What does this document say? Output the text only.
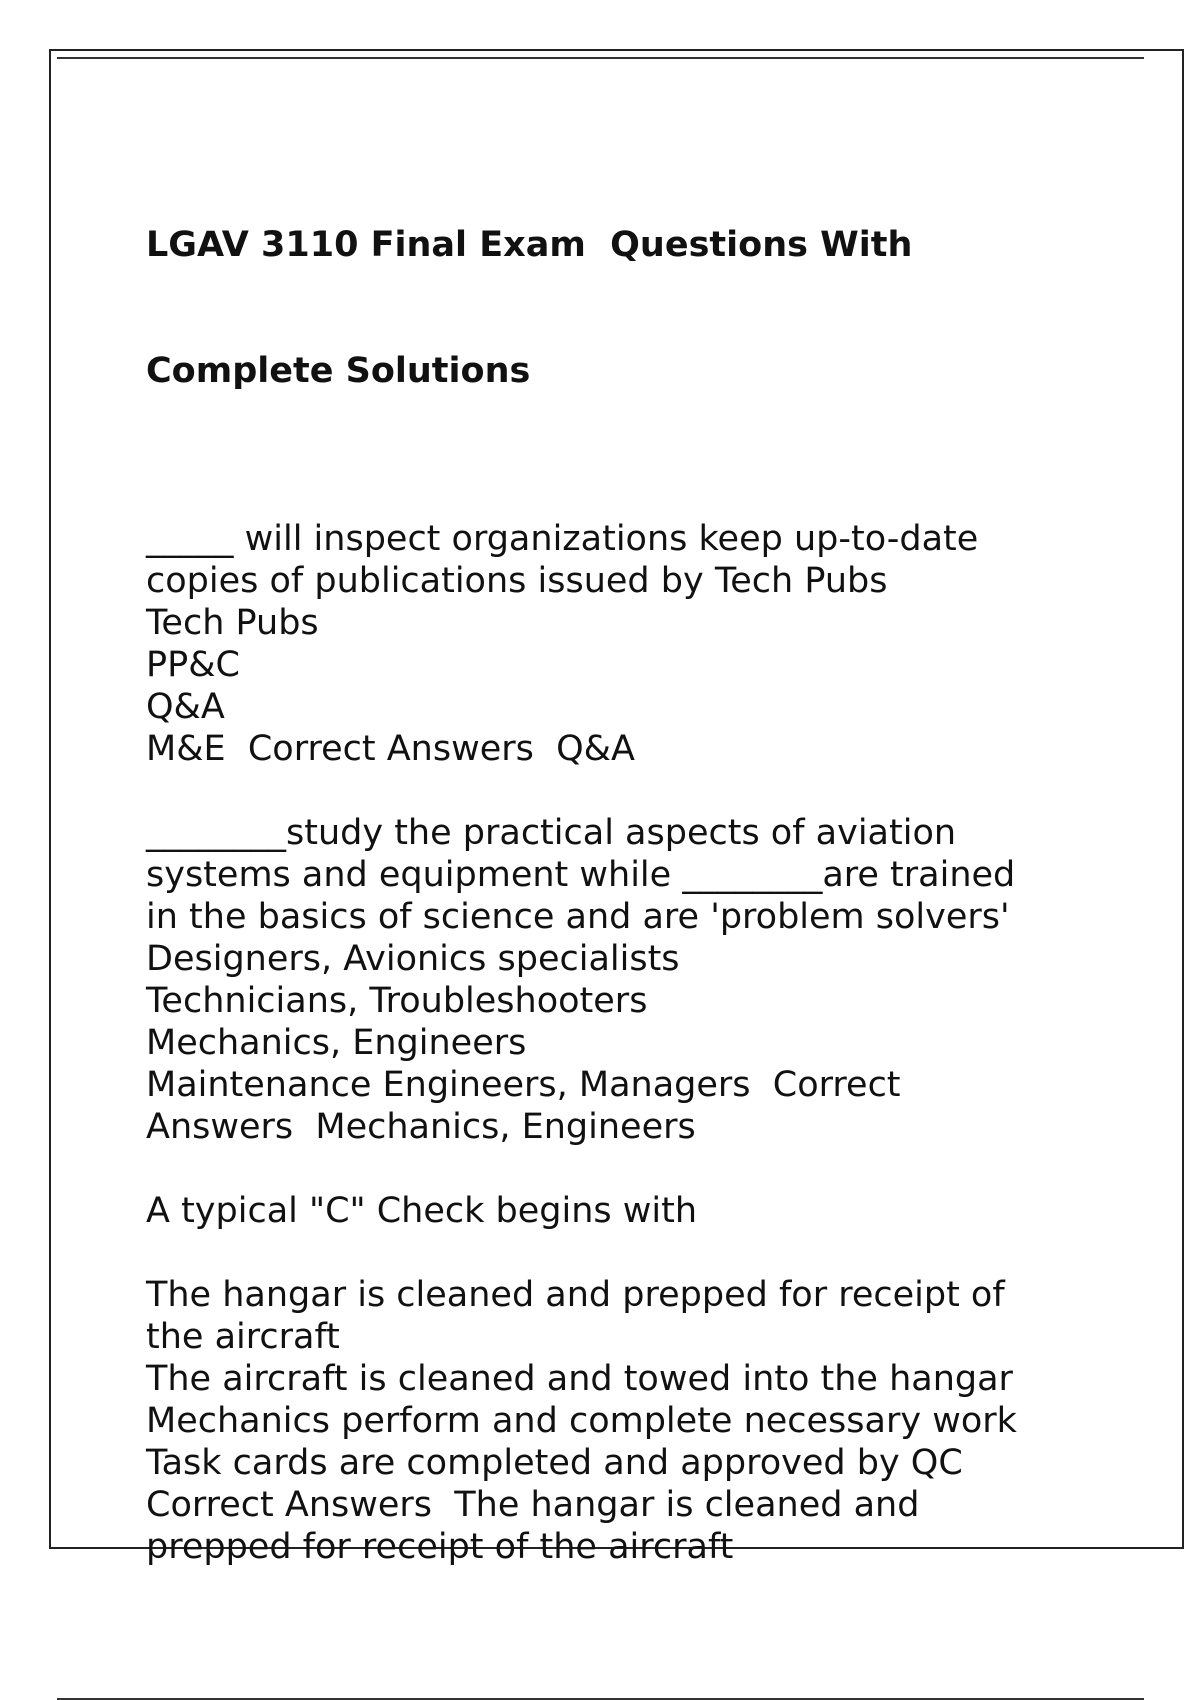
LGAV 3110 Final Exam  Questions With

Complete Solutions

_____ will inspect organizations keep up-to-date
copies of publications issued by Tech Pubs
Tech Pubs
PP&C
Q&A
M&E  Correct Answers  Q&A
________study the practical aspects of aviation
systems and equipment while ________are trained
in the basics of science and are 'problem solvers'
Designers, Avionics specialists
Technicians, Troubleshooters
Mechanics, Engineers
Maintenance Engineers, Managers  Correct
Answers  Mechanics, Engineers
A typical "C" Check begins with
The hangar is cleaned and prepped for receipt of
the aircraft
The aircraft is cleaned and towed into the hangar
Mechanics perform and complete necessary work
Task cards are completed and approved by QC
Correct Answers  The hangar is cleaned and
prepped for receipt of the aircraft
